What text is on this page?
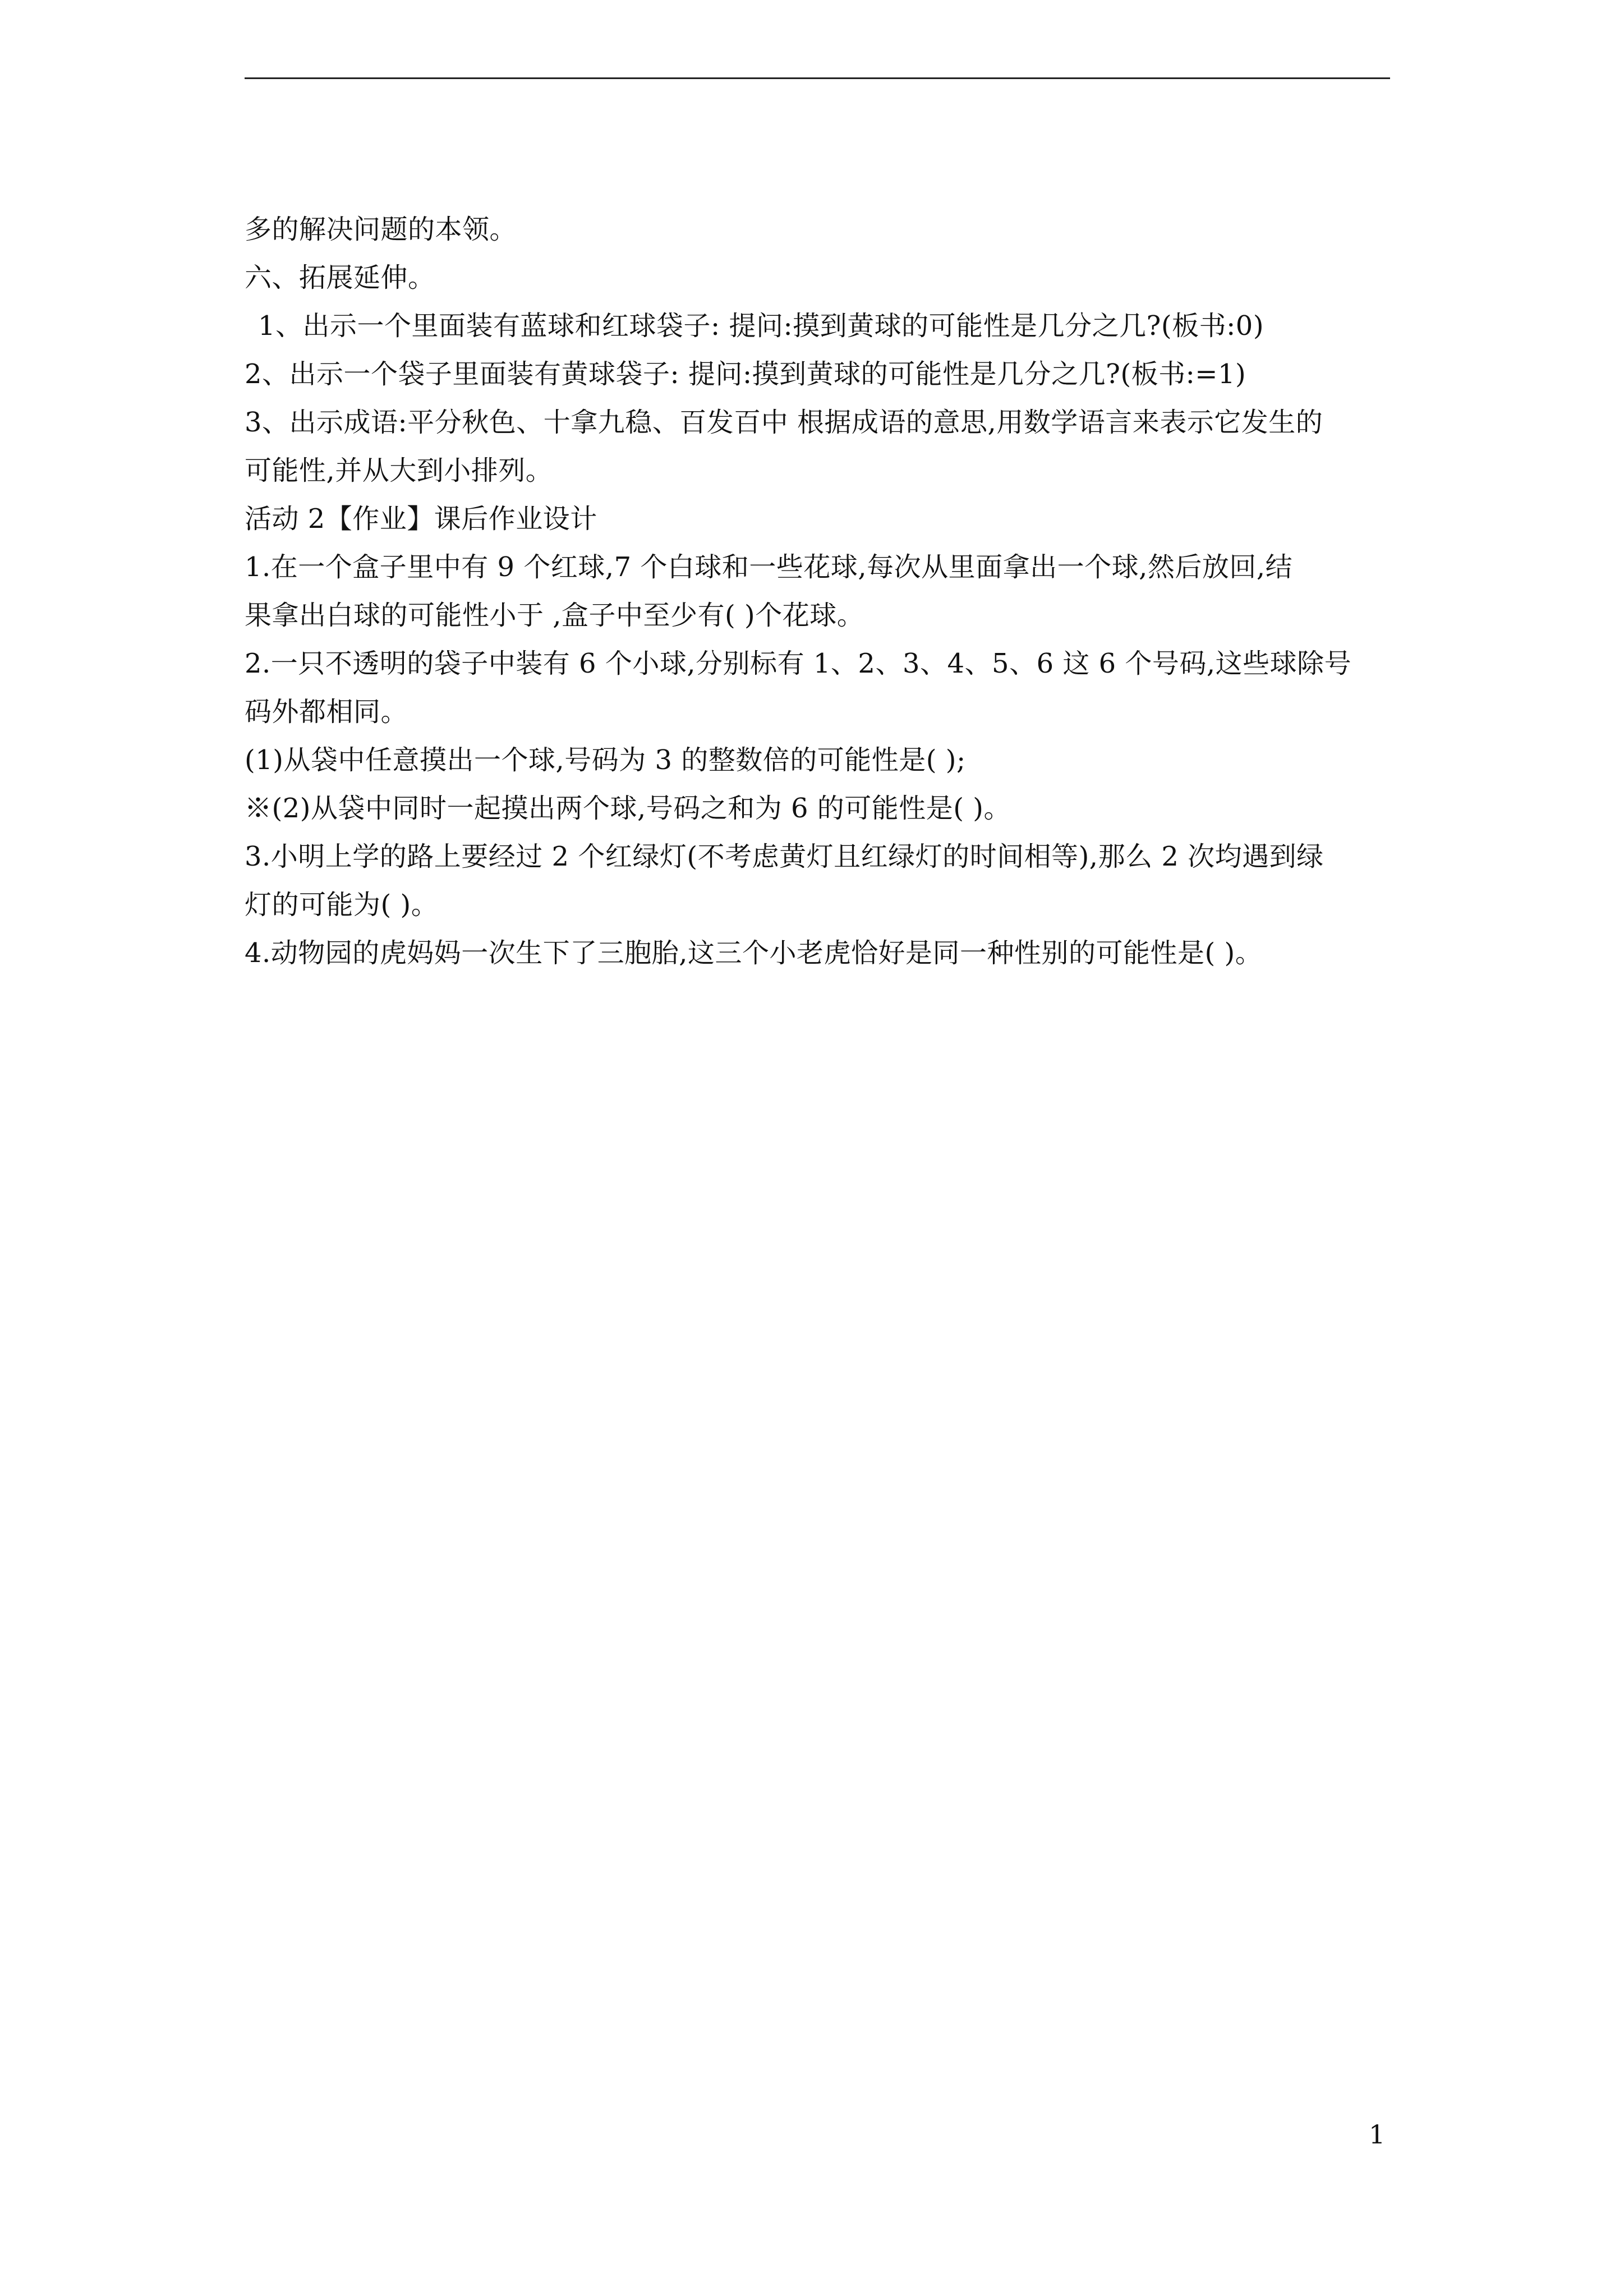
多的解决问题的本领。
六、拓展延伸。
1、出示一个里面装有蓝球和红球袋子: 提问:摸到黄球的可能性是几分之几?(板书:0)
2、出示一个袋子里面装有黄球袋子: 提问:摸到黄球的可能性是几分之几?(板书:=1)
3、出示成语:平分秋色、十拿九稳、百发百中 根据成语的意思,用数学语言来表示它发生的
可能性,并从大到小排列。
活动 2【作业】课后作业设计
1.在一个盒子里中有 9 个红球,7 个白球和一些花球,每次从里面拿出一个球,然后放回,结
果拿出白球的可能性小于 ,盒子中至少有( )个花球。
2.一只不透明的袋子中装有 6 个小球,分别标有 1、2、3、4、5、6 这 6 个号码,这些球除号
码外都相同。
(1)从袋中任意摸出一个球,号码为 3 的整数倍的可能性是( );
※(2)从袋中同时一起摸出两个球,号码之和为 6 的可能性是( )。
3.小明上学的路上要经过 2 个红绿灯(不考虑黄灯且红绿灯的时间相等),那么 2 次均遇到绿
灯的可能为( )。
4.动物园的虎妈妈一次生下了三胞胎,这三个小老虎恰好是同一种性别的可能性是( )。
1
